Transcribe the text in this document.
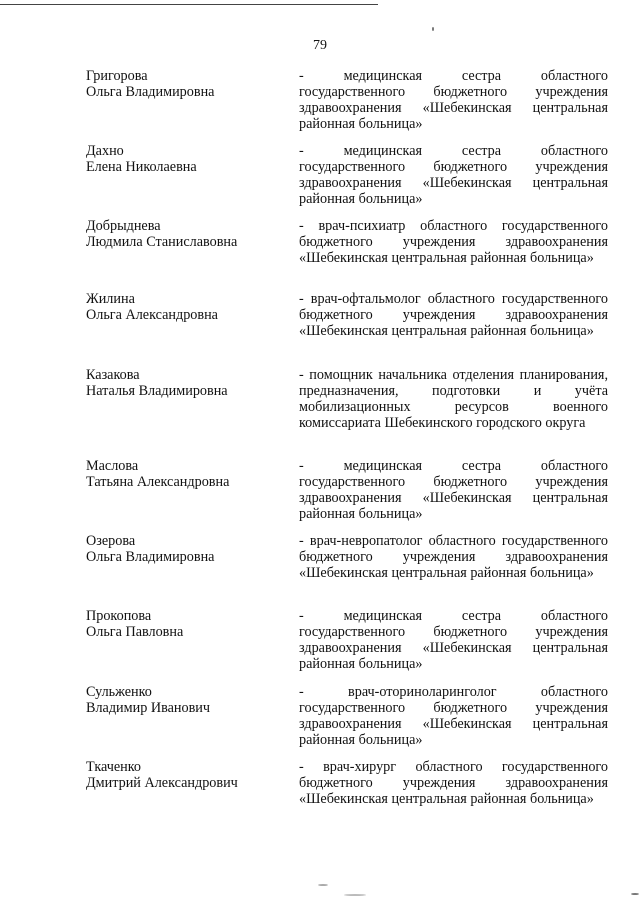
79
Григорова
Ольга Владимировна
- медицинская сестра областного государственного бюджетного учреждения здравоохранения «Шебекинская центральная районная больница»
Дахно
Елена Николаевна
- медицинская сестра областного государственного бюджетного учреждения здравоохранения «Шебекинская центральная районная больница»
Добрыднева
Людмила Станиславовна
- врач-психиатр областного государственного бюджетного учреждения здравоохранения «Шебекинская центральная районная больница»
Жилина
Ольга Александровна
- врач-офтальмолог областного государственного бюджетного учреждения здравоохранения «Шебекинская центральная районная больница»
Казакова
Наталья Владимировна
- помощник начальника отделения планирования, предназначения, подготовки и учёта мобилизационных ресурсов военного комиссариата Шебекинского городского округа
Маслова
Татьяна Александровна
- медицинская сестра областного государственного бюджетного учреждения здравоохранения «Шебекинская центральная районная больница»
Озерова
Ольга Владимировна
- врач-невропатолог областного государственного бюджетного учреждения здравоохранения «Шебекинская центральная районная больница»
Прокопова
Ольга Павловна
- медицинская сестра областного государственного бюджетного учреждения здравоохранения «Шебекинская центральная районная больница»
Сульженко
Владимир Иванович
- врач-оториноларинголог областного государственного бюджетного учреждения здравоохранения «Шебекинская центральная районная больница»
Ткаченко
Дмитрий Александрович
- врач-хирург областного государственного бюджетного учреждения здравоохранения «Шебекинская центральная районная больница»
